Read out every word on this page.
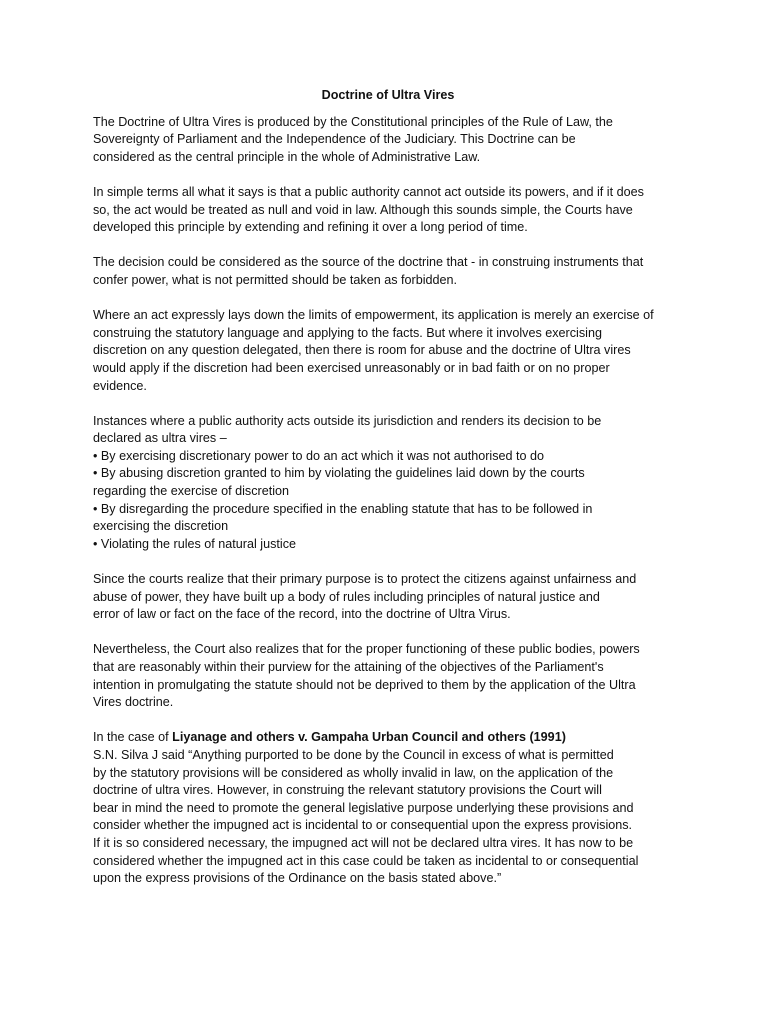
Doctrine of Ultra Vires
The Doctrine of Ultra Vires is produced by the Constitutional principles of the Rule of Law, the
Sovereignty of Parliament and the Independence of the Judiciary. This Doctrine can be
considered as the central principle in the whole of Administrative Law.
In simple terms all what it says is that a public authority cannot act outside its powers, and if it does
so, the act would be treated as null and void in law. Although this sounds simple, the Courts have
developed this principle by extending and refining it over a long period of time.
The decision could be considered as the source of the doctrine that - in construing instruments that
confer power, what is not permitted should be taken as forbidden.
Where an act expressly lays down the limits of empowerment, its application is merely an exercise of
construing the statutory language and applying to the facts. But where it involves exercising
discretion on any question delegated, then there is room for abuse and the doctrine of Ultra vires
would apply if the discretion had been exercised unreasonably or in bad faith or on no proper
evidence.
Instances where a public authority acts outside its jurisdiction and renders its decision to be
declared as ultra vires –
• By exercising discretionary power to do an act which it was not authorised to do
• By abusing discretion granted to him by violating the guidelines laid down by the courts
regarding the exercise of discretion
• By disregarding the procedure specified in the enabling statute that has to be followed in
exercising the discretion
• Violating the rules of natural justice
Since the courts realize that their primary purpose is to protect the citizens against unfairness and
abuse of power, they have built up a body of rules including principles of natural justice and
error of law or fact on the face of the record, into the doctrine of Ultra Virus.
Nevertheless, the Court also realizes that for the proper functioning of these public bodies, powers
that are reasonably within their purview for the attaining of the objectives of the Parliament's
intention in promulgating the statute should not be deprived to them by the application of the Ultra
Vires doctrine.
In the case of Liyanage and others v. Gampaha Urban Council and others (1991)
S.N. Silva J said “Anything purported to be done by the Council in excess of what is permitted
by the statutory provisions will be considered as wholly invalid in law, on the application of the
doctrine of ultra vires. However, in construing the relevant statutory provisions the Court will
bear in mind the need to promote the general legislative purpose underlying these provisions and
consider whether the impugned act is incidental to or consequential upon the express provisions.
If it is so considered necessary, the impugned act will not be declared ultra vires. It has now to be
considered whether the impugned act in this case could be taken as incidental to or consequential
upon the express provisions of the Ordinance on the basis stated above.”
